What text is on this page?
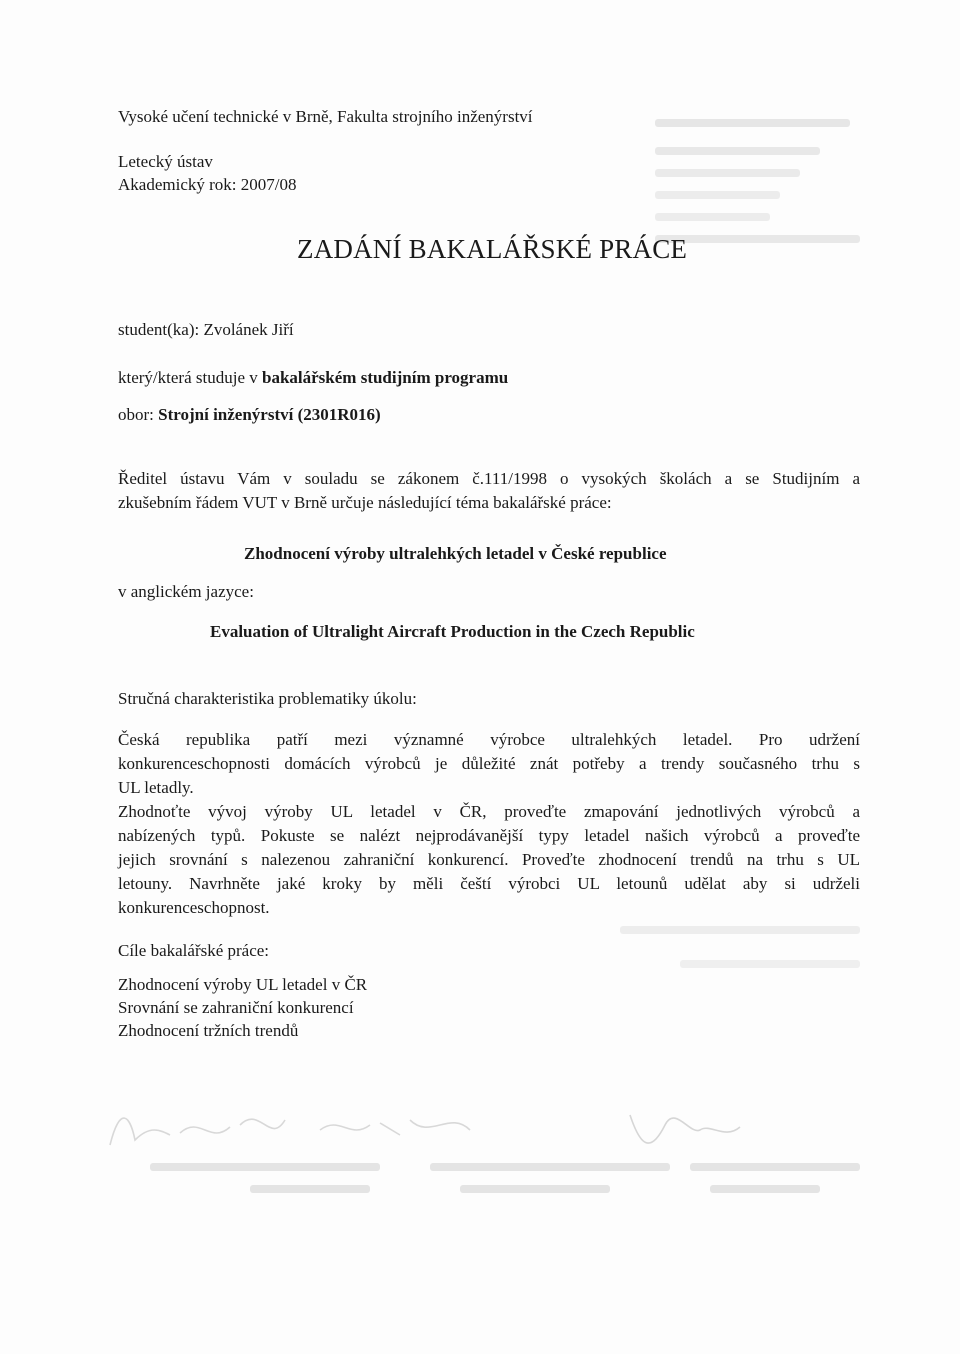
Vysoké učení technické v Brně, Fakulta strojního inženýrství
Letecký ústav
Akademický rok: 2007/08
ZADÁNÍ BAKALÁŘSKÉ PRÁCE
student(ka): Zvolánek Jiří
který/která studuje v bakalářském studijním programu
obor: Strojní inženýrství (2301R016)
Ředitel ústavu Vám v souladu se zákonem č.111/1998 o vysokých školách a se Studijním a
zkušebním řádem VUT v Brně určuje následující téma bakalářské práce:
Zhodnocení výroby ultralehkých letadel v České republice
v anglickém jazyce:
Evaluation of Ultralight Aircraft Production in the Czech Republic
Stručná charakteristika problematiky úkolu:
Česká republika patří mezi významné výrobce ultralehkých letadel. Pro udržení
konkurenceschopnosti domácích výrobců je důležité znát potřeby a trendy současného trhu s
UL letadly.
Zhodnoťte vývoj výroby UL letadel v ČR, proveďte zmapování jednotlivých výrobců a
nabízených typů. Pokuste se nalézt nejprodávanější typy letadel našich výrobců a proveďte
jejich srovnání s nalezenou zahraniční konkurencí. Proveďte zhodnocení trendů na trhu s UL
letouny. Navrhněte jaké kroky by měli čeští výrobci UL letounů udělat aby si udrželi
konkurenceschopnost.
Cíle bakalářské práce:
Zhodnocení výroby UL letadel v ČR
Srovnání se zahraniční konkurencí
Zhodnocení tržních trendů
